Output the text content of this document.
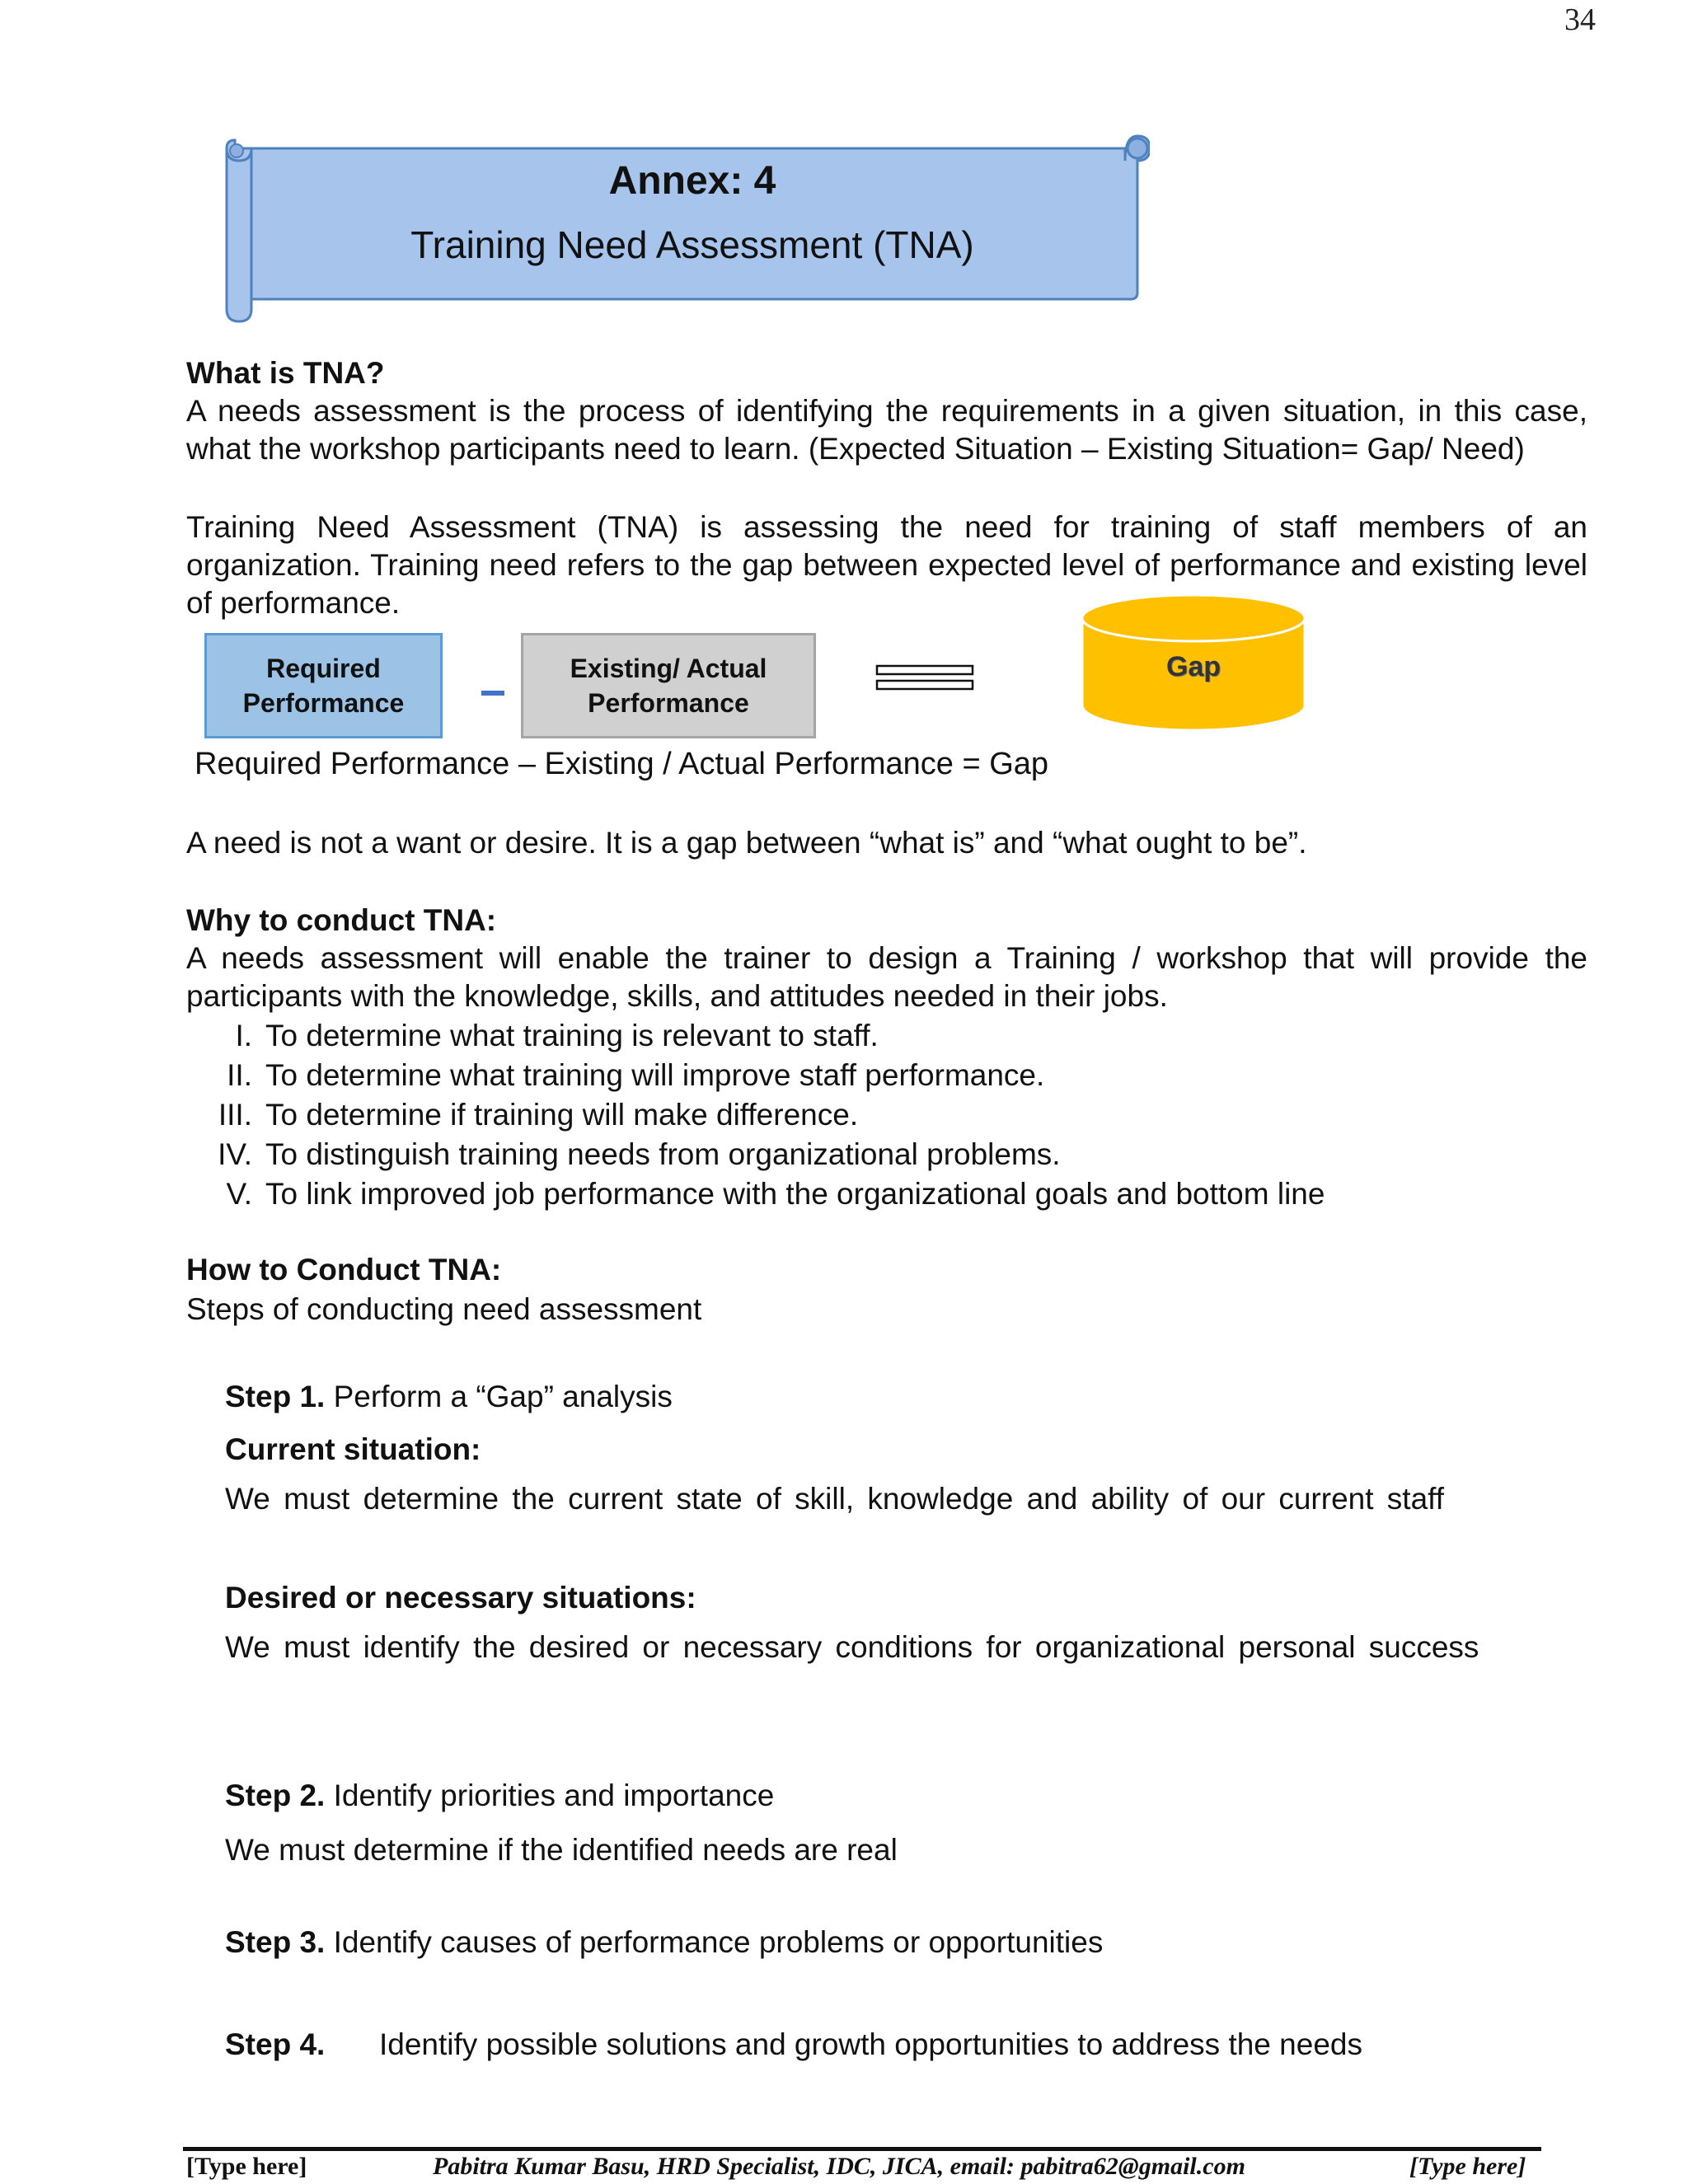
34
Annex: 4
Training Need Assessment (TNA)
What is TNA?
A needs assessment is the process of identifying the requirements in a given situation, in this case, what the workshop participants need to learn. (Expected Situation – Existing Situation= Gap/ Need)
Training Need Assessment (TNA) is assessing the need for training of staff members of an organization. Training need refers to the gap between expected level of performance and existing level of performance.
Required
Performance
Existing/ Actual
Performance
Gap
Required Performance – Existing / Actual Performance = Gap
A need is not a want or desire. It is a gap between “what is” and “what ought to be”.
Why to conduct TNA:
A needs assessment will enable the trainer to design a Training / workshop that will provide the participants with the knowledge, skills, and attitudes needed in their jobs.
I. To determine what training is relevant to staff.
II. To determine what training will improve staff performance.
III. To determine if training will make difference.
IV. To distinguish training needs from organizational problems.
V. To link improved job performance with the organizational goals and bottom line
How to Conduct TNA:
Steps of conducting need assessment
Step 1. Perform a “Gap” analysis
Current situation:
We must determine the current state of skill, knowledge and ability of our current staff
Desired or necessary situations:
We must identify the desired or necessary conditions for organizational personal success
Step 2. Identify priorities and importance
We must determine if the identified needs are real
Step 3. Identify causes of performance problems or opportunities
Step 4. Identify possible solutions and growth opportunities to address the needs
[Type here]	Pabitra Kumar Basu, HRD Specialist, IDC, JICA, email: pabitra62@gmail.com	[Type here]
